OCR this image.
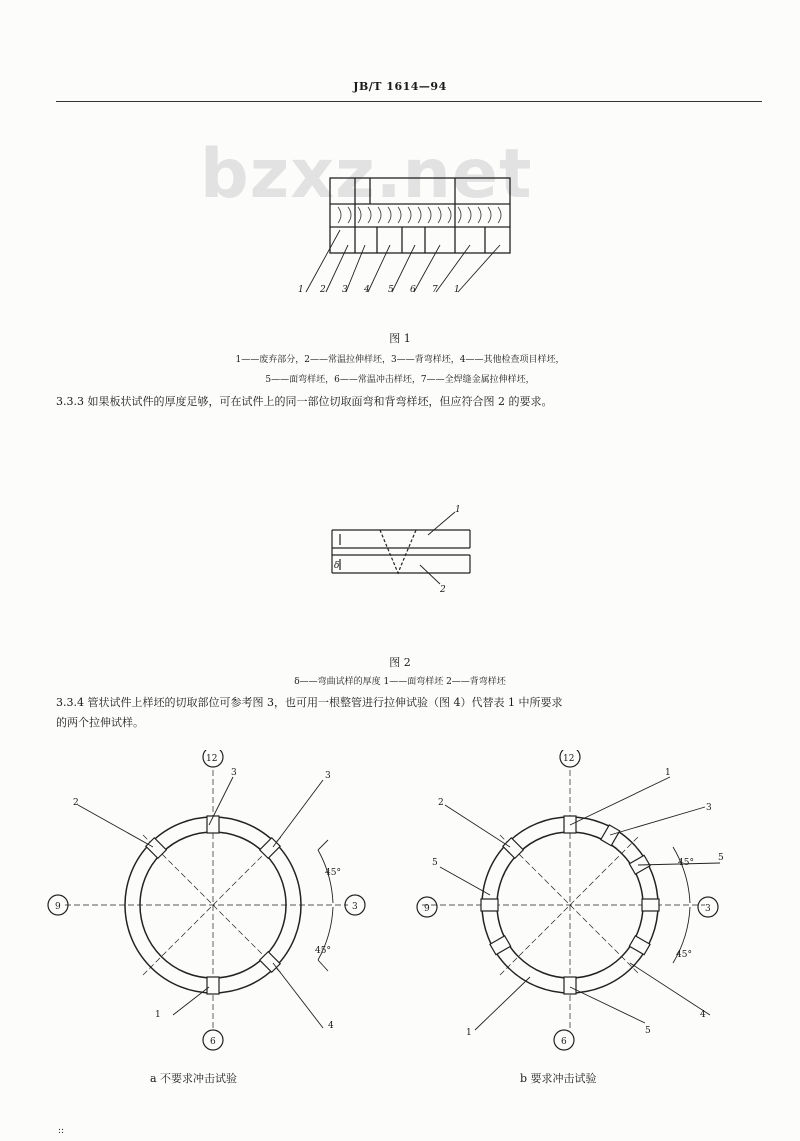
JB/T 1614—94
bzxz.net
1 2 3 4 5 6 7 1
图 1
1——废弃部分，2——常温拉伸样坯，3——背弯样坯，4——其他检查项目样坯，
5——面弯样坯，6——常温冲击样坯，7——全焊缝金属拉伸样坯，
3.3.3 如果板状试件的厚度足够，可在试件上的同一部位切取面弯和背弯样坯，但应符合图 2 的要求。
1
2
δ
图 2
δ——弯曲试样的厚度 1——面弯样坯 2——背弯样坯
3.3.4 管状试件上样坯的切取部位可参考图 3，也可用一根整管进行拉伸试验（图 4）代替表 1 中所要求
的两个拉伸试样。
12
3
6
9
1
2
3
4
3
45°
45°
12
3
6
9
1
2	3
4
5
5
5
1
45°
45°
a 不要求冲击试验	b 要求冲击试验
::
